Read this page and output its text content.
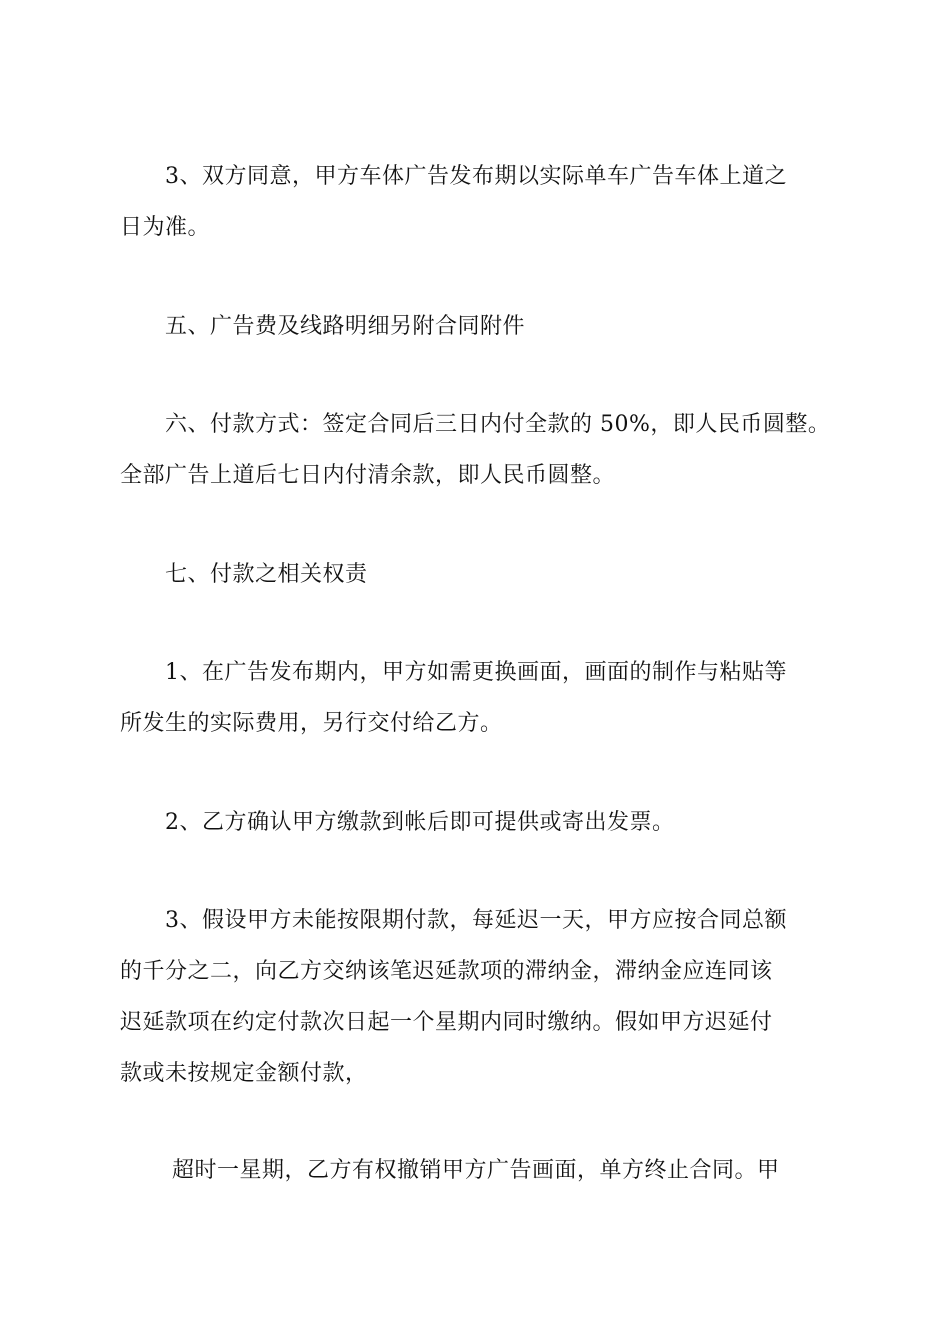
3、双方同意，甲方车体广告发布期以实际单车广告车体上道之
日为准。
五、广告费及线路明细另附合同附件
六、付款方式：签定合同后三日内付全款的 50%，即人民币圆整。
全部广告上道后七日内付清余款，即人民币圆整。
七、付款之相关权责
1、在广告发布期内，甲方如需更换画面，画面的制作与粘贴等
所发生的实际费用，另行交付给乙方。
2、乙方确认甲方缴款到帐后即可提供或寄出发票。
3、假设甲方未能按限期付款，每延迟一天，甲方应按合同总额
的千分之二，向乙方交纳该笔迟延款项的滞纳金，滞纳金应连同该
迟延款项在约定付款次日起一个星期内同时缴纳。假如甲方迟延付
款或未按规定金额付款，
超时一星期，乙方有权撤销甲方广告画面，单方终止合同。甲
